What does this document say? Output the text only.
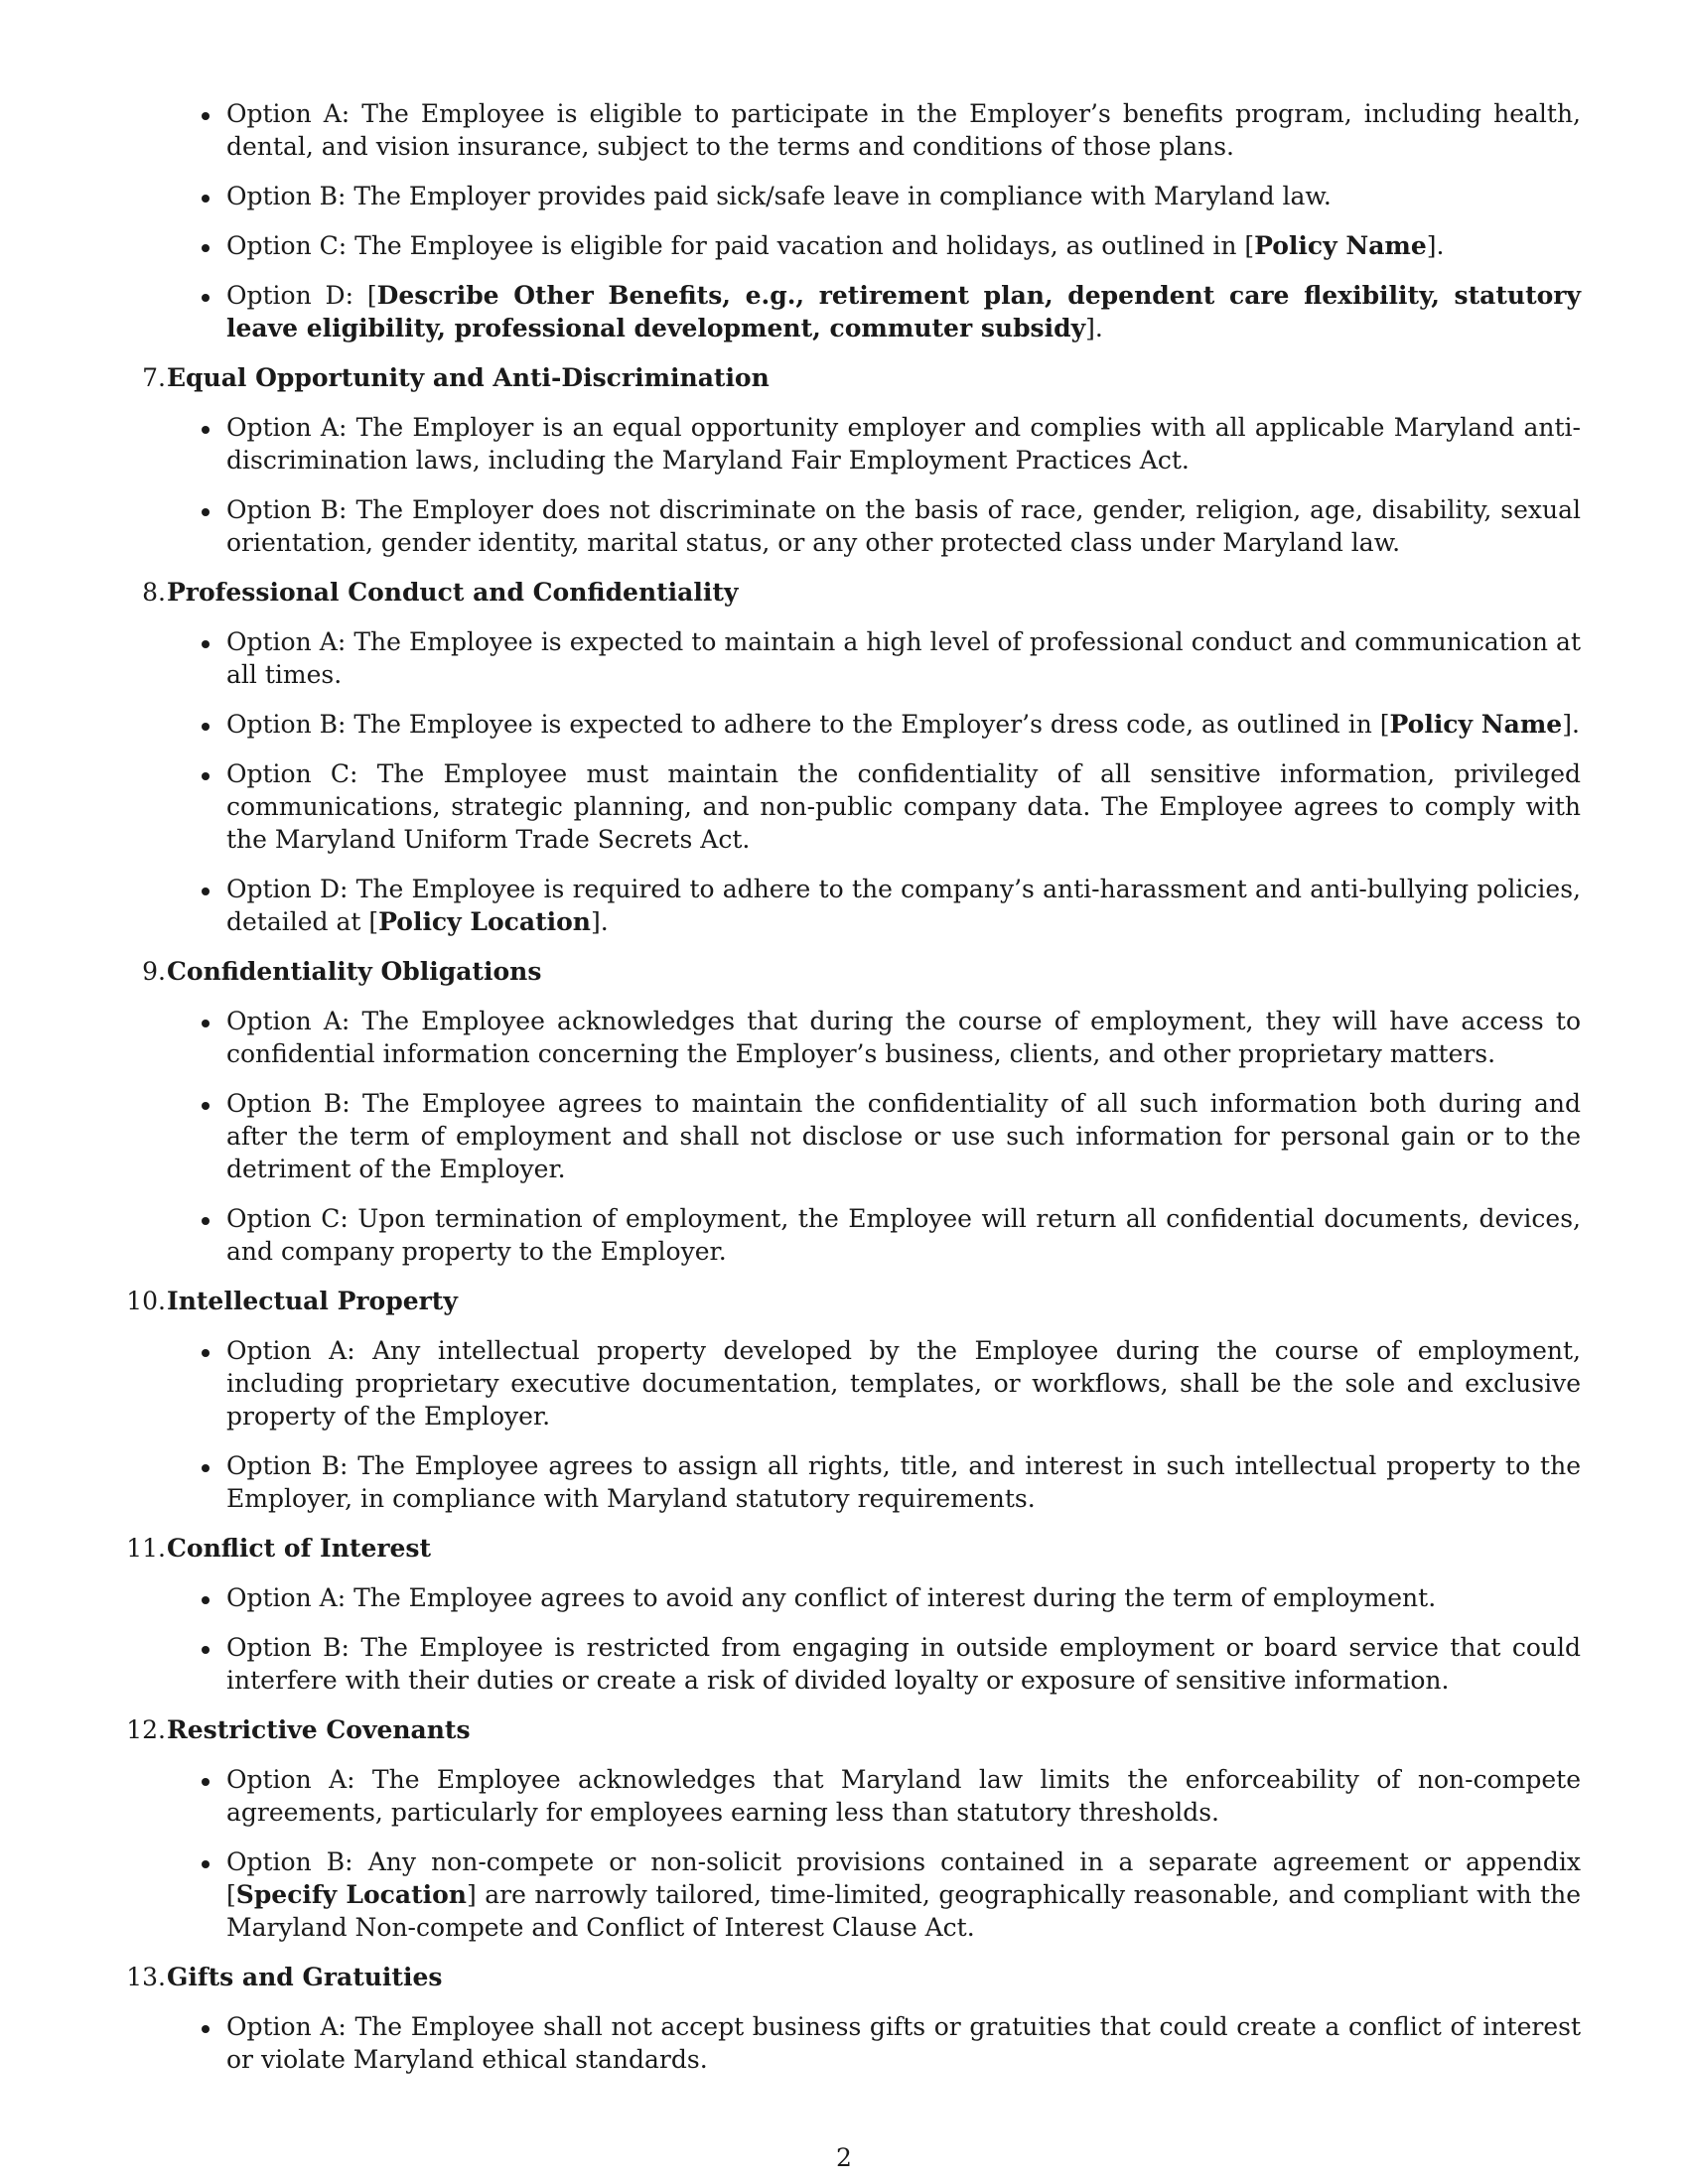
Option A: The Employee is eligible to participate in the Employer’s benefits program, including health, dental, and vision insurance, subject to the terms and conditions of those plans.
Option B: The Employer provides paid sick/safe leave in compliance with Maryland law.
Option C: The Employee is eligible for paid vacation and holidays, as outlined in [Policy Name].
Option D: [Describe Other Benefits, e.g., retirement plan, dependent care flexibility, statutory leave eligibility, professional development, commuter subsidy].
7. Equal Opportunity and Anti-Discrimination
Option A: The Employer is an equal opportunity employer and complies with all applicable Maryland anti-discrimination laws, including the Maryland Fair Employment Practices Act.
Option B: The Employer does not discriminate on the basis of race, gender, religion, age, disability, sexual orientation, gender identity, marital status, or any other protected class under Maryland law.
8. Professional Conduct and Confidentiality
Option A: The Employee is expected to maintain a high level of professional conduct and communication at all times.
Option B: The Employee is expected to adhere to the Employer’s dress code, as outlined in [Policy Name].
Option C: The Employee must maintain the confidentiality of all sensitive information, privileged communications, strategic planning, and non-public company data. The Employee agrees to comply with the Maryland Uniform Trade Secrets Act.
Option D: The Employee is required to adhere to the company’s anti-harassment and anti-bullying policies, detailed at [Policy Location].
9. Confidentiality Obligations
Option A: The Employee acknowledges that during the course of employment, they will have access to confidential information concerning the Employer’s business, clients, and other proprietary matters.
Option B: The Employee agrees to maintain the confidentiality of all such information both during and after the term of employment and shall not disclose or use such information for personal gain or to the detriment of the Employer.
Option C: Upon termination of employment, the Employee will return all confidential documents, devices, and company property to the Employer.
10. Intellectual Property
Option A: Any intellectual property developed by the Employee during the course of employment, including proprietary executive documentation, templates, or workflows, shall be the sole and exclusive property of the Employer.
Option B: The Employee agrees to assign all rights, title, and interest in such intellectual property to the Employer, in compliance with Maryland statutory requirements.
11. Conflict of Interest
Option A: The Employee agrees to avoid any conflict of interest during the term of employment.
Option B: The Employee is restricted from engaging in outside employment or board service that could interfere with their duties or create a risk of divided loyalty or exposure of sensitive information.
12. Restrictive Covenants
Option A: The Employee acknowledges that Maryland law limits the enforceability of non-compete agreements, particularly for employees earning less than statutory thresholds.
Option B: Any non-compete or non-solicit provisions contained in a separate agreement or appendix [Specify Location] are narrowly tailored, time-limited, geographically reasonable, and compliant with the Maryland Non-compete and Conflict of Interest Clause Act.
13. Gifts and Gratuities
Option A: The Employee shall not accept business gifts or gratuities that could create a conflict of interest or violate Maryland ethical standards.
2
